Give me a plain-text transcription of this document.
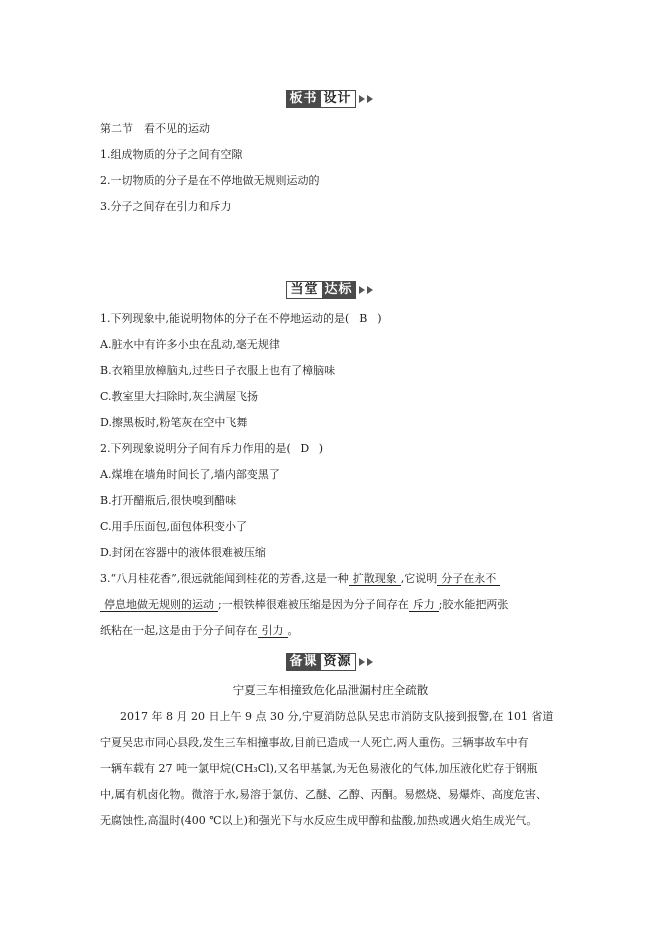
板书 设计
第二节　看不见的运动
1.组成物质的分子之间有空隙
2.一切物质的分子是在不停地做无规则运动的
3.分子之间存在引力和斥力
当堂 达标
1.下列现象中,能说明物体的分子在不停地运动的是( B )
A.脏水中有许多小虫在乱动,毫无规律
B.衣箱里放樟脑丸,过些日子衣服上也有了樟脑味
C.教室里大扫除时,灰尘满屋飞扬
D.擦黑板时,粉笔灰在空中飞舞
2.下列现象说明分子间有斥力作用的是( D )
A.煤堆在墙角时间长了,墙内部变黑了
B.打开醋瓶后,很快嗅到醋味
C.用手压面包,面包体积变小了
D.封闭在容器中的液体很难被压缩
3.“八月桂花香”,很远就能闻到桂花的芳香,这是一种 扩散现象 ,它说明 分子在永不
停息地做无规则的运动 ;一根铁棒很难被压缩是因为分子间存在 斥力 ;胶水能把两张
纸粘在一起,这是由于分子间存在 引力 。
备课 资源
宁夏三车相撞致危化品泄漏村庄全疏散
2017 年 8 月 20 日上午 9 点 30 分,宁夏消防总队吴忠市消防支队接到报警,在 101 省道
宁夏吴忠市同心县段,发生三车相撞事故,目前已造成一人死亡,两人重伤。三辆事故车中有
一辆车载有 27 吨一氯甲烷(CH₃Cl),又名甲基氯,为无色易液化的气体,加压液化贮存于钢瓶
中,属有机卤化物。微溶于水,易溶于氯仿、乙醚、乙醇、丙酮。易燃烧、易爆炸、高度危害、
无腐蚀性,高温时(400 ℃以上)和强光下与水反应生成甲醇和盐酸,加热或遇火焰生成光气。
